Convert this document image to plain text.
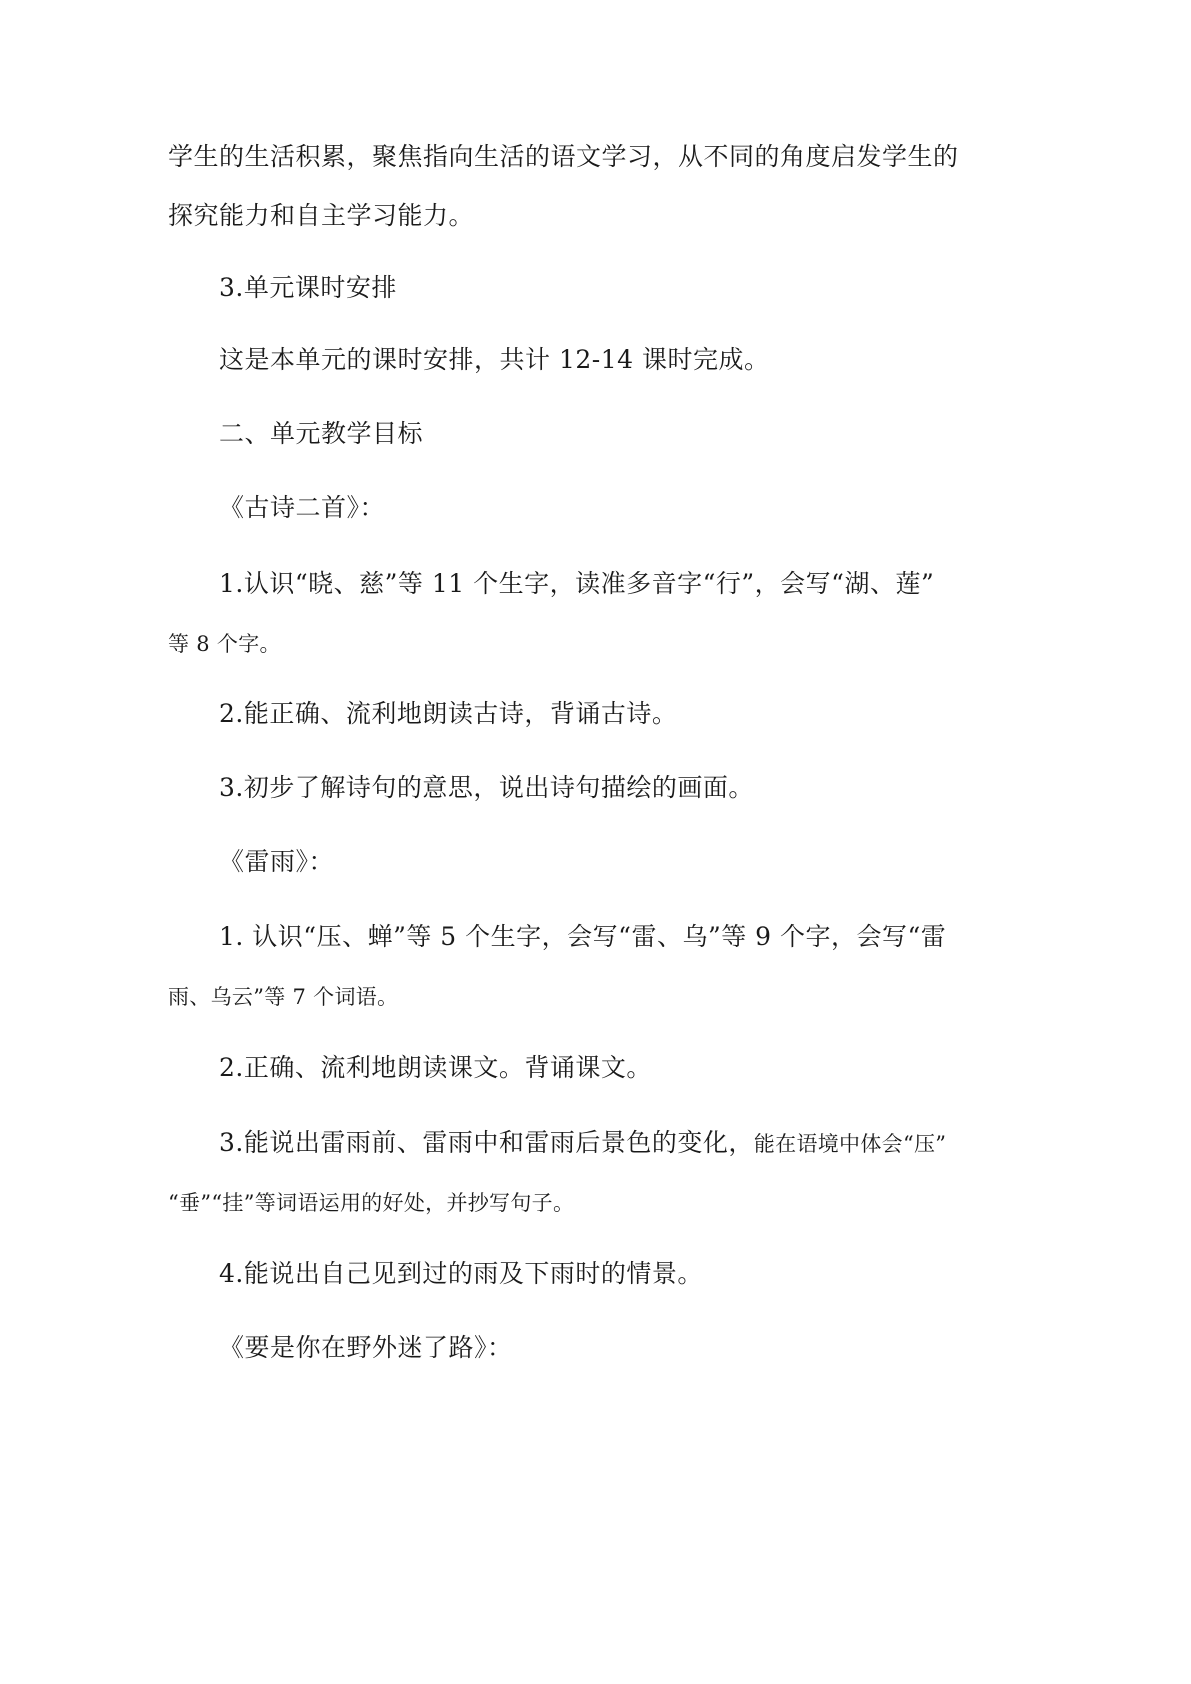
学生的生活积累，聚焦指向生活的语文学习，从不同的角度启发学生的
探究能力和自主学习能力。
3.单元课时安排
这是本单元的课时安排，共计 12-14 课时完成。
二、单元教学目标
《古诗二首》：
1.认识“晓、慈”等 11 个生字，读准多音字“行”，会写“湖、莲”
等 8 个字。
2.能正确、流利地朗读古诗，背诵古诗。
3.初步了解诗句的意思，说出诗句描绘的画面。
《雷雨》：
1. 认识“压、蝉”等 5 个生字，会写“雷、乌”等 9 个字，会写“雷
雨、乌云”等 7 个词语。
2.正确、流利地朗读课文。背诵课文。
3.能说出雷雨前、雷雨中和雷雨后景色的变化，能在语境中体会“压”
“垂”“挂”等词语运用的好处，并抄写句子。
4.能说出自己见到过的雨及下雨时的情景。
《要是你在野外迷了路》：
